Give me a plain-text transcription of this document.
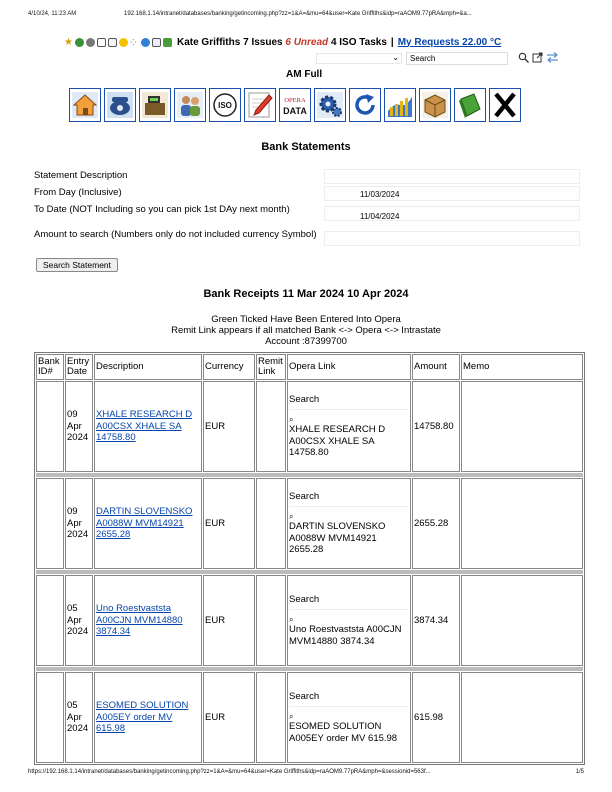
4/10/24, 11:23 AM	192.168.1.14/intranet/databases/banking/getincoming.php?zz=1&A=&mu=64&user=Kate Griffiths&idp=raAOM9.77pRA&mph=&a...
★	⁘	Kate Griffiths
7
Issues
6
Unread
4
ISO Tasks | My Requests 22.00 °C
⌄	Search
AM Full
ISO
OPERA
DATA
Bank Statements
Statement Description
From Day (Inclusive)	11/03/2024
To Date (NOT Including so you can pick 1st DAy next month)
11/04/2024
Amount to search (Numbers only do not included currency Symbol)
Search Statement
Bank Receipts 11 Mar 2024 10 Apr 2024
Green Ticked Have Been Entered Into Opera
Remit Link appears if all matched Bank <-> Opera <-> Intrastate
Account :87399700
Bank ID#	Entry Date	Description	Currency	Remit Link	Opera Link	Amount	Memo
	09
Apr
2024	XHALE RESEARCH D A00CSX XHALE SA 14758.80	EUR		Search
⌕
XHALE RESEARCH D A00CSX XHALE SA 14758.80	14758.80	

	09
Apr
2024	DARTIN SLOVENSKO A0088W MVM14921 2655.28	EUR		Search
⌕
DARTIN SLOVENSKO A0088W MVM14921 2655.28	2655.28	

	05
Apr
2024	Uno Roestvaststa A00CJN MVM14880 3874.34	EUR		Search
⌕
Uno Roestvaststa A00CJN MVM14880 3874.34	3874.34	

	05
Apr
2024	ESOMED SOLUTION A005EY order MV 615.98	EUR		Search
⌕
ESOMED SOLUTION A005EY order MV 615.98	615.98	
https://192.168.1.14/intranet/databases/banking/getincoming.php?zz=1&A=&mu=64&user=Kate Griffiths&idp=raAOM9.77pRA&mph=&sessionid=563f...	1/5
